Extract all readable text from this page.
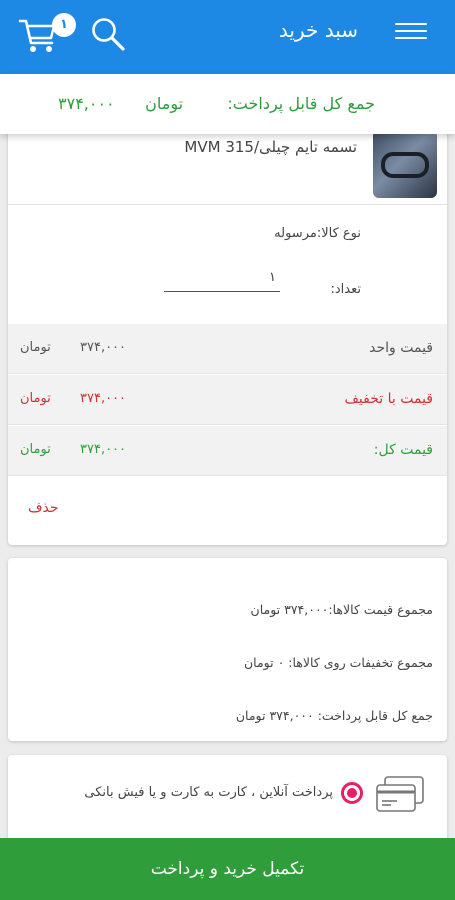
سبد خرید
۱
جمع کل قابل پرداخت:
تومان      ۳۷۴,۰۰۰
تسمه تایم چیلی/MVM 315
نوع کالا:مرسوله
تعداد:
۱
قیمت واحد
۳۷۴,۰۰۰
تومان
قیمت با تخفیف
۳۷۴,۰۰۰
تومان
قیمت کل:
۳۷۴,۰۰۰
تومان
حذف
مجموع قیمت کالاها:۳۷۴,۰۰۰ تومان
مجموع تخفیفات روی کالاها: ۰ تومان
جمع کل قابل پرداخت: ۳۷۴,۰۰۰ تومان
پرداخت آنلاین ، کارت به کارت و یا فیش بانکی
تکمیل خرید و پرداخت
